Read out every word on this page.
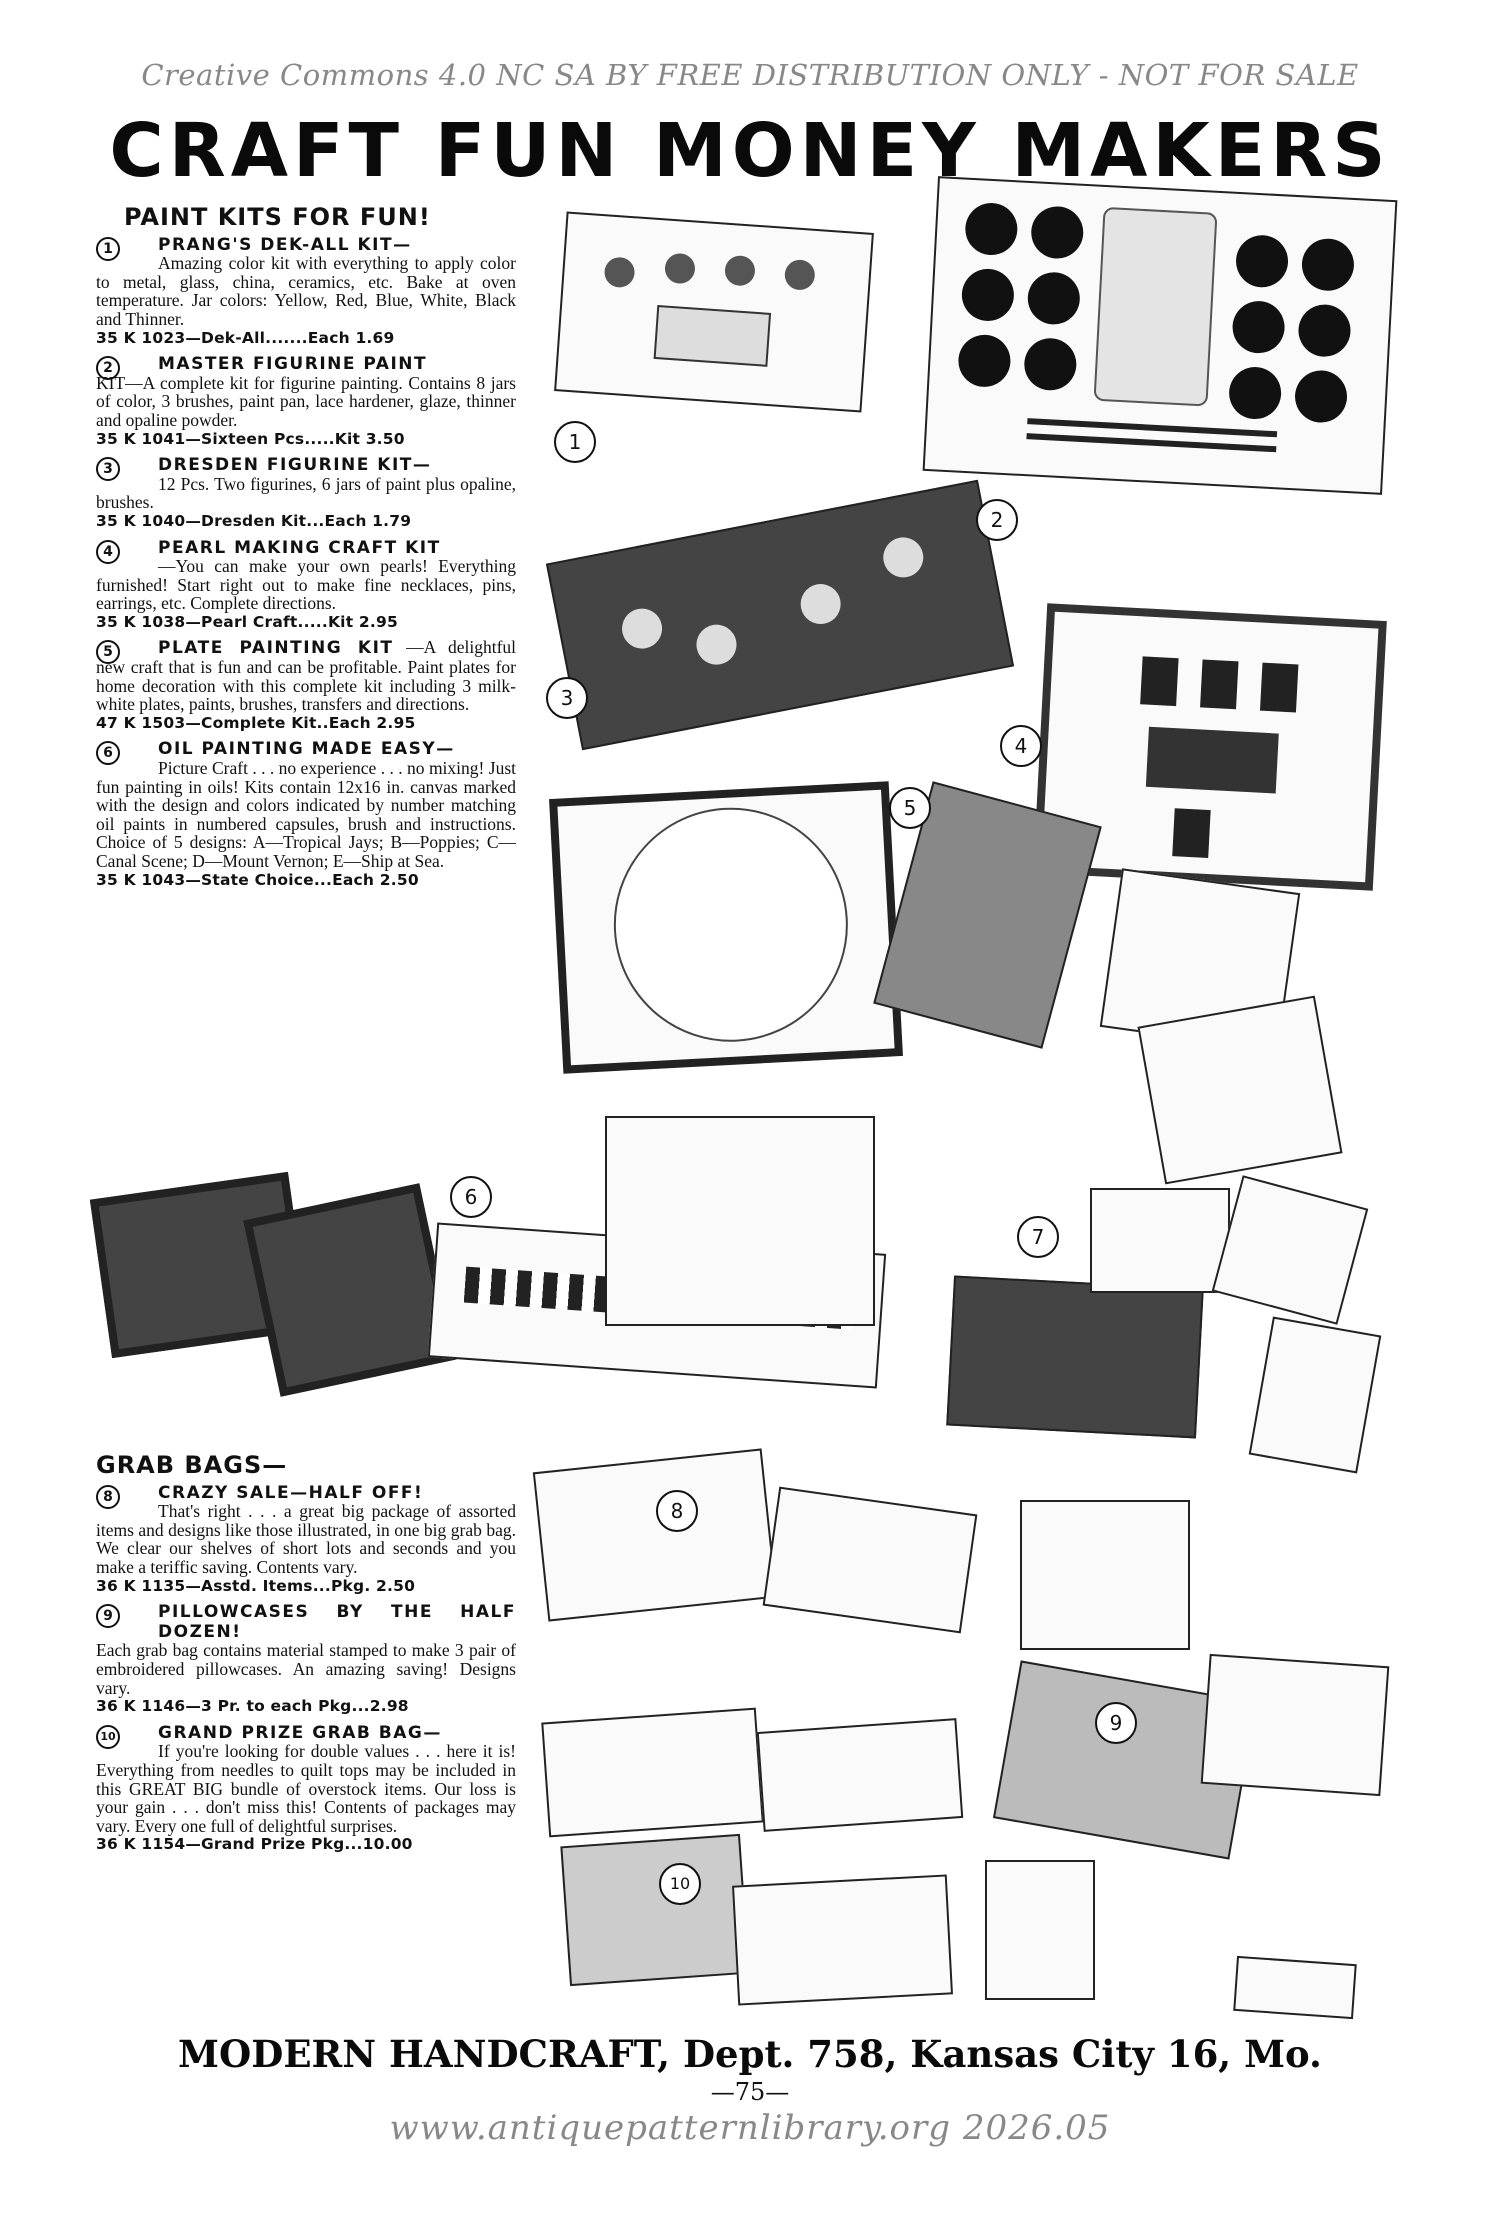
Creative Commons 4.0 NC SA BY FREE DISTRIBUTION ONLY - NOT FOR SALE
CRAFT FUN MONEY MAKERS
PAINT KITS FOR FUN!
1	PRANG'S DEK-ALL KIT—
Amazing color kit with everything to apply color to metal, glass, china, ceramics, etc. Bake at oven temperature. Jar colors: Yellow, Red, Blue, White, Black and Thinner.
35 K 1023—Dek-All.......Each 1.69
2	MASTER FIGURINE PAINT
KIT—A complete kit for figurine painting. Contains 8 jars of color, 3 brushes, paint pan, lace hardener, glaze, thinner and opaline powder.
35 K 1041—Sixteen Pcs.....Kit 3.50
3	DRESDEN FIGURINE KIT—
12 Pcs. Two figurines, 6 jars of paint plus opaline, brushes.
35 K 1040—Dresden Kit...Each 1.79
4	PEARL MAKING CRAFT KIT
—You can make your own pearls! Everything furnished! Start right out to make fine necklaces, pins, earrings, etc. Complete directions.
35 K 1038—Pearl Craft.....Kit 2.95
5	PLATE PAINTING KIT —A delightful new craft that is fun and can be profitable. Paint plates for home decoration with this complete kit including 3 milk-white plates, paints, brushes, transfers and directions.
47 K 1503—Complete Kit..Each 2.95
6	OIL PAINTING MADE EASY—
Picture Craft . . . no experience . . . no mixing! Just fun painting in oils! Kits contain 12x16 in. canvas marked with the design and colors indicated by number matching oil paints in numbered capsules, brush and instructions. Choice of 5 designs: A—Tropical Jays; B—Poppies; C—Canal Scene; D—Mount Vernon; E—Ship at Sea.
35 K 1043—State Choice...Each 2.50
GRAB BAGS—
8	CRAZY SALE—HALF OFF!
That's right . . . a great big package of assorted items and designs like those illustrated, in one big grab bag. We clear our shelves of short lots and seconds and you make a teriffic saving. Contents vary.
36 K 1135—Asstd. Items...Pkg. 2.50
9	PILLOWCASES BY THE HALF DOZEN!
Each grab bag contains material stamped to make 3 pair of embroidered pillowcases. An amazing saving! Designs vary.
36 K 1146—3 Pr. to each Pkg...2.98
10	GRAND PRIZE GRAB BAG—
If you're looking for double values . . . here it is! Everything from needles to quilt tops may be included in this GREAT BIG bundle of overstock items. Our loss is your gain . . . don't miss this! Contents of packages may vary. Every one full of delightful surprises.
36 K 1154—Grand Prize Pkg...10.00
1
2
3
4
5
6
7
8
9
10
MODERN HANDCRAFT, Dept. 758, Kansas City 16, Mo.
—75—
www.antiquepatternlibrary.org 2026.05
